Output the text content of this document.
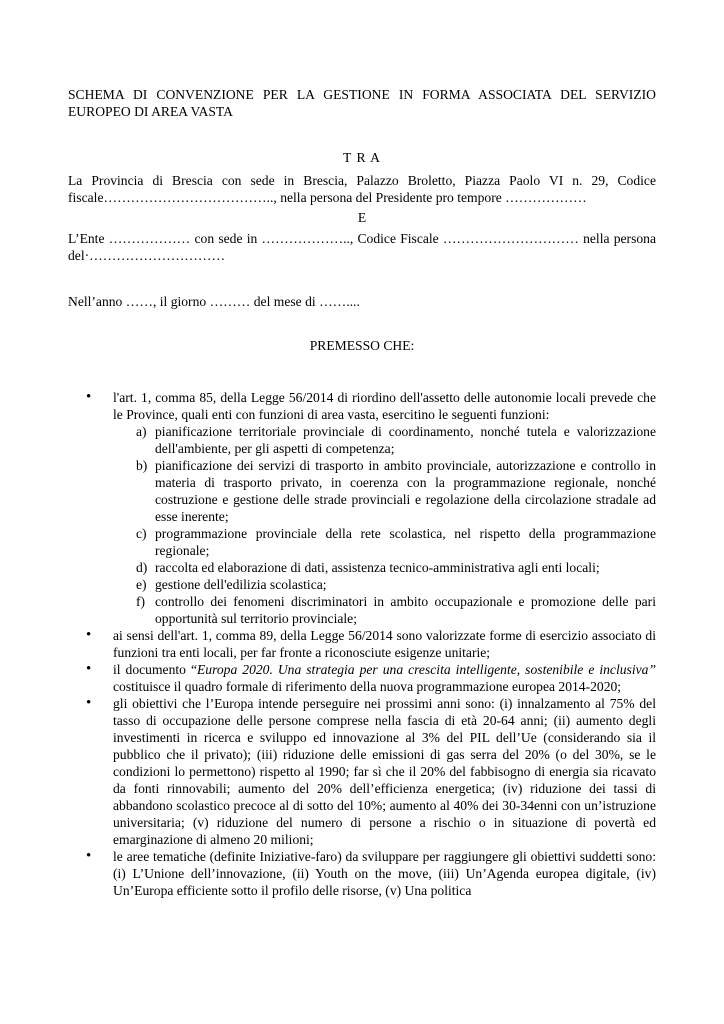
SCHEMA DI CONVENZIONE PER LA GESTIONE IN FORMA ASSOCIATA DEL SERVIZIO EUROPEO DI AREA VASTA

T R A

La Provincia di Brescia con sede in Brescia, Palazzo Broletto, Piazza Paolo VI n. 29, Codice fiscale……………………………….., nella persona del Presidente pro tempore ………………

E

L’Ente ……………… con sede in ……………….., Codice Fiscale ………………………… nella persona del·…………………………

Nell’anno ……, il giorno ……… del mese di ……....

PREMESSO CHE:

• l'art. 1, comma 85, della Legge 56/2014 di riordino dell'assetto delle autonomie locali prevede che le Province, quali enti con funzioni di area vasta, esercitino le seguenti funzioni:
a) pianificazione territoriale provinciale di coordinamento, nonché tutela e valorizzazione dell'ambiente, per gli aspetti di competenza;
b) pianificazione dei servizi di trasporto in ambito provinciale, autorizzazione e controllo in materia di trasporto privato, in coerenza con la programmazione regionale, nonché costruzione e gestione delle strade provinciali e regolazione della circolazione stradale ad esse inerente;
c) programmazione provinciale della rete scolastica, nel rispetto della programmazione regionale;
d) raccolta ed elaborazione di dati, assistenza tecnico-amministrativa agli enti locali;
e) gestione dell'edilizia scolastica;
f) controllo dei fenomeni discriminatori in ambito occupazionale e promozione delle pari opportunità sul territorio provinciale;
• ai sensi dell'art. 1, comma 89, della Legge 56/2014 sono valorizzate forme di esercizio associato di funzioni tra enti locali, per far fronte a riconosciute esigenze unitarie;
• il documento “Europa 2020. Una strategia per una crescita intelligente, sostenibile e inclusiva” costituisce il quadro formale di riferimento della nuova programmazione europea 2014-2020;
• gli obiettivi che l’Europa intende perseguire nei prossimi anni sono: (i) innalzamento al 75% del tasso di occupazione delle persone comprese nella fascia di età 20-64 anni; (ii) aumento degli investimenti in ricerca e sviluppo ed innovazione al 3% del PIL dell’Ue (considerando sia il pubblico che il privato); (iii) riduzione delle emissioni di gas serra del 20% (o del 30%, se le condizioni lo permettono) rispetto al 1990; far sì che il 20% del fabbisogno di energia sia ricavato da fonti rinnovabili; aumento del 20% dell’efficienza energetica; (iv) riduzione dei tassi di abbandono scolastico precoce al di sotto del 10%; aumento al 40% dei 30-34enni con un’istruzione universitaria; (v) riduzione del numero di persone a rischio o in situazione di povertà ed emarginazione di almeno 20 milioni;
• le aree tematiche (definite Iniziative-faro) da sviluppare per raggiungere gli obiettivi suddetti sono: (i) L’Unione dell’innovazione, (ii) Youth on the move, (iii) Un’Agenda europea digitale, (iv) Un’Europa efficiente sotto il profilo delle risorse, (v) Una politica
